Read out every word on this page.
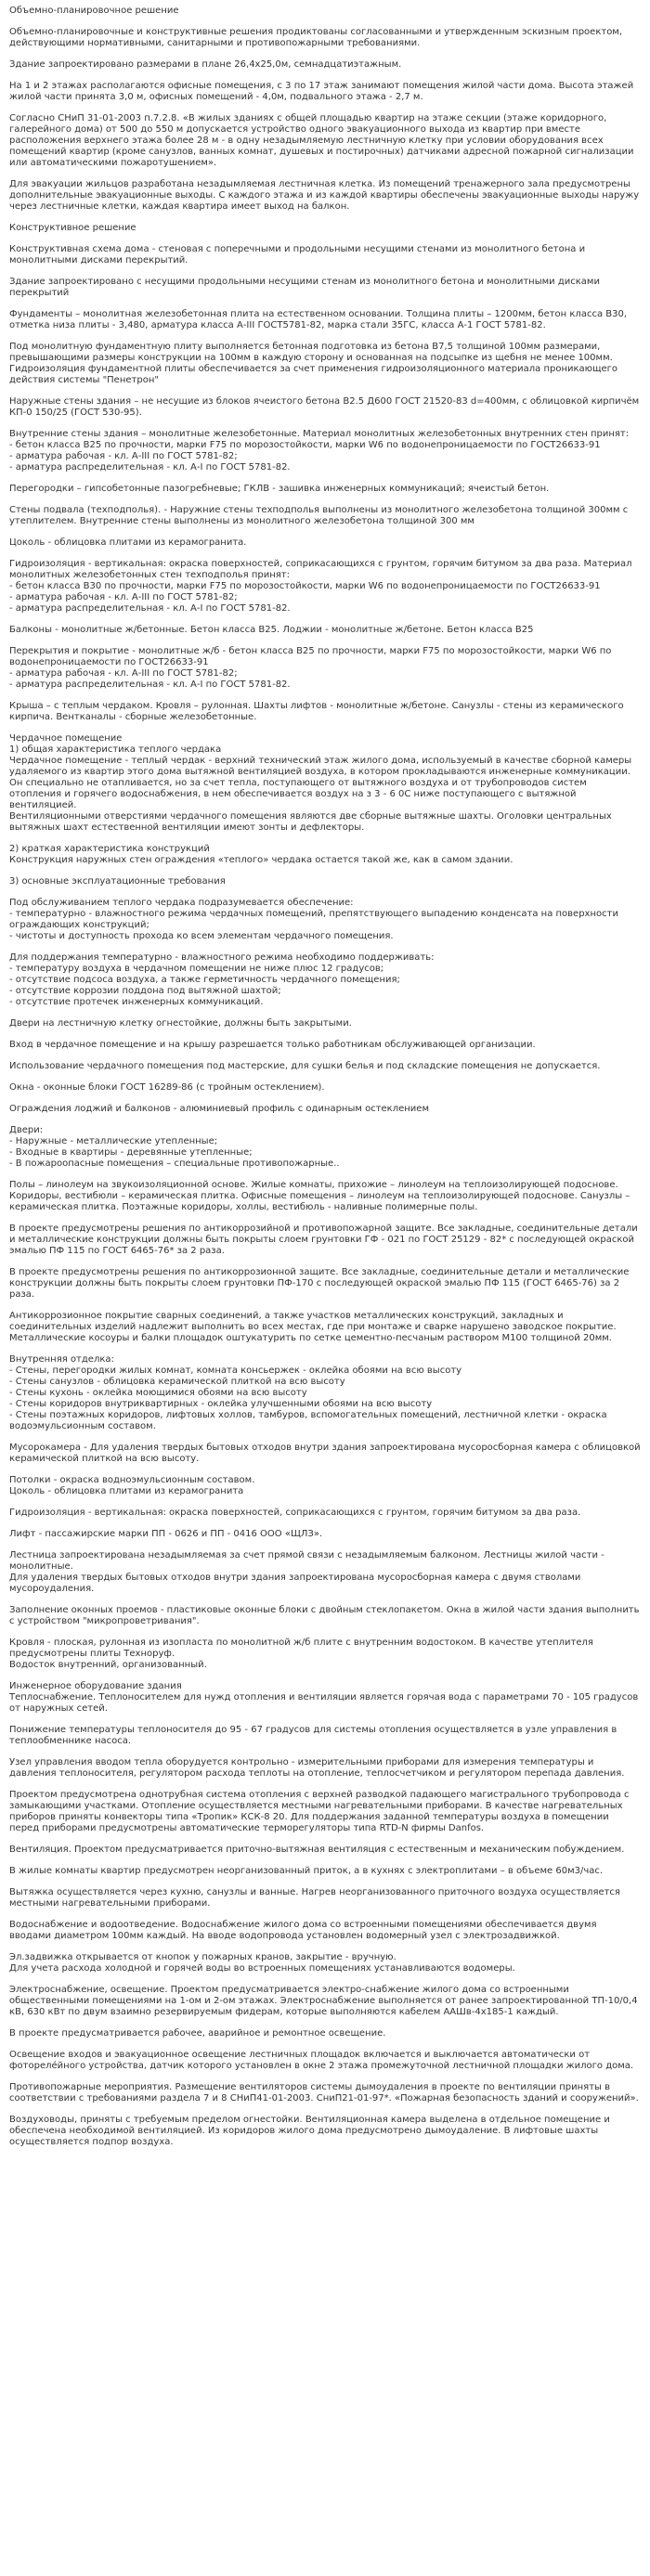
Объемно-планировочное решение

Объемно-планировочные и конструктивные решения продиктованы согласованными и утвержденным эскизным проектом, действующими нормативными, санитарными и противопожарными требованиями.

Здание запроектировано размерами в плане 26,4х25,0м, семнадцатиэтажным.

На 1 и 2 этажах располагаются офисные помещения, с 3 по 17 этаж занимают помещения жилой части дома. Высота этажей жилой части принята 3,0 м, офисных помещений - 4,0м, подвального этажа - 2,7 м.

Согласно СНиП 31-01-2003 п.7.2.8. «В жилых зданиях с общей площадью квартир на этаже секции (этаже коридорного, галерейного дома) от 500 до 550 м допускается устройство одного эвакуационного выхода из квартир при вместе расположения верхнего этажа более 28 м - в одну незадымляемую лестничную клетку при условии оборудования всех помещений квартир (кроме санузлов, ванных комнат, душевых и постирочных) датчиками адресной пожарной сигнализации или автоматическими пожаротушением».

Для эвакуации жильцов разработана незадымляемая лестничная клетка. Из помещений тренажерного зала предусмотрены дополнительные эвакуационные выходы. С каждого этажа и из каждой квартиры обеспечены эвакуационные выходы наружу через лестничные клетки, каждая квартира имеет выход на балкон.

Конструктивное решение

Конструктивная схема дома - стеновая с поперечными и продольными несущими стенами из монолитного бетона и монолитными дисками перекрытий.

Здание запроектировано с несущими продольными несущими стенам из монолитного бетона и монолитными дисками перекрытий

Фундаменты – монолитная железобетонная плита на естественном основании. Толщина плиты – 1200мм, бетон класса В30, отметка низа плиты - 3,480, арматура класса А-III ГОСТ5781-82, марка стали 35ГС, класса А-1 ГОСТ 5781-82.

Под монолитную фундаментную плиту выполняется бетонная подготовка из бетона В7,5 толщиной 100мм размерами, превышающими размеры конструкции на 100мм в каждую сторону и основанная на подсыпке из щебня не менее 100мм. Гидроизоляция фундаментной плиты обеспечивается за счет применения гидроизоляционного материала проникающего действия системы "Пенетрон"

Наружные стены здания – не несущие из блоков ячеистого бетона В2.5 Д600 ГОСТ 21520-83 d=400мм, с облицовкой кирпичём КП-0 150/25 (ГОСТ 530-95).

Внутренние стены здания – монолитные железобетонные. Материал монолитных железобетонных внутренних стен принят:
- бетон класса В25 по прочности, марки F75 по морозостойкости, марки W6 по водонепроницаемости по ГОСТ26633-91
- арматура рабочая - кл. А-III по ГОСТ 5781-82;
- арматура распределительная - кл. А-I по ГОСТ 5781-82.

Перегородки – гипсобетонные пазогребневые; ГКЛВ - зашивка инженерных коммуникаций; ячеистый бетон.

Стены подвала (техподполья). - Наружние стены техподполья выполнены из монолитного железобетона толщиной 300мм с утеплителем. Внутренние стены выполнены из монолитного железобетона толщиной 300 мм

Цоколь - облицовка плитами из керамогранита.

Гидроизоляция - вертикальная: окраска поверхностей, соприкасающихся с грунтом, горячим битумом за два раза. Материал монолитных железобетонных стен техподполья принят:
- бетон класса В30 по прочности, марки F75 по морозостойкости, марки W6 по водонепроницаемости по ГОСТ26633-91
- арматура рабочая - кл. А-III по ГОСТ 5781-82;
- арматура распределительная - кл. А-I по ГОСТ 5781-82.

Балконы - монолитные ж/бетонные. Бетон класса В25. Лоджии - монолитные ж/бетоне. Бетон класса В25

Перекрытия и покрытие - монолитные ж/б - бетон класса В25 по прочности, марки F75 по морозостойкости, марки W6 по водонепроницаемости по ГОСТ26633-91
- арматура рабочая - кл. А-III по ГОСТ 5781-82;
- арматура распределительная - кл. А-I по ГОСТ 5781-82.

Крыша – с теплым чердаком. Кровля – рулонная. Шахты лифтов - монолитные ж/бетоне. Санузлы - стены из керамического кирпича. Вентканалы - сборные железобетонные.

Чердачное помещение
1) общая характеристика теплого чердака
Чердачное помещение - теплый чердак - верхний технический этаж жилого дома, используемый в качестве сборной камеры удаляемого из квартир этого дома вытяжной вентиляцией воздуха, в котором прокладываются инженерные коммуникации. Он специально не отапливается, но за счет тепла, поступающего от вытяжного воздуха и от трубопроводов систем отопления и горячего водоснабжения, в нем обеспечивается воздух на з 3 - 6 0С ниже поступающего с вытяжной вентиляцией.
Вентиляционными отверстиями чердачного помещения являются две сборные вытяжные шахты. Оголовки центральных вытяжных шахт естественной вентиляции имеют зонты и дефлекторы.

2) краткая характеристика конструкций
Конструкция наружных стен ограждения «теплого» чердака остается такой же, как в самом здании.

3) основные эксплуатационные требования

Под обслуживанием теплого чердака подразумевается обеспечение:
- температурно - влажностного режима чердачных помещений, препятствующего выпадению конденсата на поверхности ограждающих конструкций;
- чистоты и доступность прохода ко всем элементам чердачного помещения.

Для поддержания температурно - влажностного режима необходимо поддерживать:
- температуру воздуха в чердачном помещении не ниже плюс 12 градусов;
- отсутствие подсоса воздуха, а также герметичность чердачного помещения;
- отсутствие коррозии поддона под вытяжной шахтой;
- отсутствие протечек инженерных коммуникаций.

Двери на лестничную клетку огнестойкие, должны быть закрытыми.

Вход в чердачное помещение и на крышу разрешается только работникам обслуживающей организации.

Использование чердачного помещения под мастерские, для сушки белья и под складские помещения не допускается.

Окна - оконные блоки ГОСТ 16289-86 (с тройным остеклением).

Ограждения лоджий и балконов - алюминиевый профиль с одинарным остеклением

Двери:
- Наружные - металлические утепленные;
- Входные в квартиры - деревянные утепленные;
- В пожароопасные помещения – специальные противопожарные..

Полы – линолеум на звукоизоляционной основе. Жилые комнаты, прихожие – линолеум на теплоизолирующей подоснове. Коридоры, вестибюли – керамическая плитка. Офисные помещения – линолеум на теплоизолирующей подоснове. Санузлы – керамическая плитка. Поэтажные коридоры, холлы, вестибюль - наливные полимерные полы.

В проекте предусмотрены решения по антикоррозийной и противопожарной защите. Все закладные, соединительные детали и металлические конструкции должны быть покрыты слоем грунтовки ГФ - 021 по ГОСТ 25129 - 82* с последующей окраской эмалью ПФ 115 по ГОСТ 6465-76* за 2 раза.

В проекте предусмотрены решения по антикоррозионной защите. Все закладные, соединительные детали и металлические конструкции должны быть покрыты слоем грунтовки ПФ-170 с последующей окраской эмалью ПФ 115 (ГОСТ 6465-76) за 2 раза.

Антикоррозионное покрытие сварных соединений, а также участков металлических конструкций, закладных и соединительных изделий надлежит выполнить во всех местах, где при монтаже и сварке нарушено заводское покрытие. Металлические косоуры и балки площадок оштукатурить по сетке цементно-песчаным раствором М100 толщиной 20мм.

Внутренняя отделка:
- Стены, перегородки жилых комнат, комната консьержек - оклейка обоями на всю высоту
- Стены санузлов - облицовка керамической плиткой на всю высоту
- Стены кухонь - оклейка моющимися обоями на всю высоту
- Стены коридоров внутриквартирных - оклейка улучшенными обоями на всю высоту
- Стены поэтажных коридоров, лифтовых холлов, тамбуров, вспомогательных помещений, лестничной клетки - окраска водоэмульсионным составом.

Мусорокамера - Для удаления твердых бытовых отходов внутри здания запроектирована мусоросборная камера с облицовкой керамической плиткой на всю высоту.

Потолки - окраска водноэмульсионным составом.
Цоколь - облицовка плитами из керамогранита

Гидроизоляция - вертикальная: окраска поверхностей, соприкасающихся с грунтом, горячим битумом за два раза.

Лифт - пассажирские марки ПП - 0626 и ПП - 0416 ООО «ЩЛЗ».

Лестница запроектирована незадымляемая за счет прямой связи с незадымляемым балконом. Лестницы жилой части - монолитные.
Для удаления твердых бытовых отходов внутри здания запроектирована мусоросборная камера с двумя стволами мусороудаления.

Заполнение оконных проемов - пластиковые оконные блоки с двойным стеклопакетом. Окна в жилой части здания выполнить с устройством "микропроветривания".

Кровля - плоская, рулонная из изопласта по монолитной ж/б плите с внутренним водостоком. В качестве утеплителя предусмотрены плиты Техноруф.
Водосток внутренний, организованный.

Инженерное оборудование здания
Теплоснабжение. Теплоносителем для нужд отопления и вентиляции является горячая вода с параметрами 70 - 105 градусов от наружных сетей.

Понижение температуры теплоносителя до 95 - 67 градусов для системы отопления осуществляется в узле управления в теплообменнике насоса.

Узел управления вводом тепла оборудуется контрольно - измерительными приборами для измерения температуры и давления теплоносителя, регулятором расхода теплоты на отопление, теплосчетчиком и регулятором перепада давления.

Проектом предусмотрена однотрубная система отопления с верхней разводкой падающего магистрального трубопровода с замыкающими участками. Отопление осуществляется местными нагревательными приборами. В качестве нагревательных приборов приняты конвекторы типа «Тропик» КСК-8 20. Для поддержания заданной температуры воздуха в помещении перед приборами предусмотрены автоматические терморегуляторы типа RTD-N фирмы Danfos.

Вентиляция. Проектом предусматривается приточно-вытяжная вентиляция с естественным и механическим побуждением.

В жилые комнаты квартир предусмотрен неорганизованный приток, а в кухнях с электроплитами – в объеме 60м3/час.

Вытяжка осуществляется через кухню, санузлы и ванные. Нагрев неорганизованного приточного воздуха осуществляется местными нагревательными приборами.

Водоснабжение и водоотведение. Водоснабжение жилого дома со встроенными помещениями обеспечивается двумя вводами диаметром 100мм каждый. На вводе водопровода установлен водомерный узел с электрозадвижкой.

Эл.задвижка открывается от кнопок у пожарных кранов, закрытие - вручную.
Для учета расхода холодной и горячей воды во встроенных помещениях устанавливаются водомеры.

Электроснабжение, освещение. Проектом предусматривается электро-снабжение жилого дома со встроенными общественными помещениями на 1-ом и 2-ом этажах. Электроснабжение выполняется от ранее запроектированной ТП-10/0,4 кВ, 630 кВт по двум взаимно резервируемым фидерам, которые выполняются кабелем ААШв-4х185-1 каждый.

В проекте предусматривается рабочее, аварийное и ремонтное освещение.

Освещение входов и эвакуационное освещение лестничных площадок включается и выключается автоматически от фотореле́йного устройства, датчик которого установлен в окне 2 этажа промежуточной лестничной площадки жилого дома.

Противопожарные мероприятия. Размещение вентиляторов системы дымоудаления в проекте по вентиляции приняты в соответствии с требованиями раздела 7 и 8 СНиП41-01-2003. СниП21-01-97*. «Пожарная безопасность зданий и сооружений».

Воздуховоды, приняты с требуемым пределом огнестойки. Вентиляционная камера выделена в отдельное помещение и обеспечена необходимой вентиляцией. Из коридоров жилого дома предусмотрено дымоудаление. В лифтовые шахты осуществляется подпор воздуха.
